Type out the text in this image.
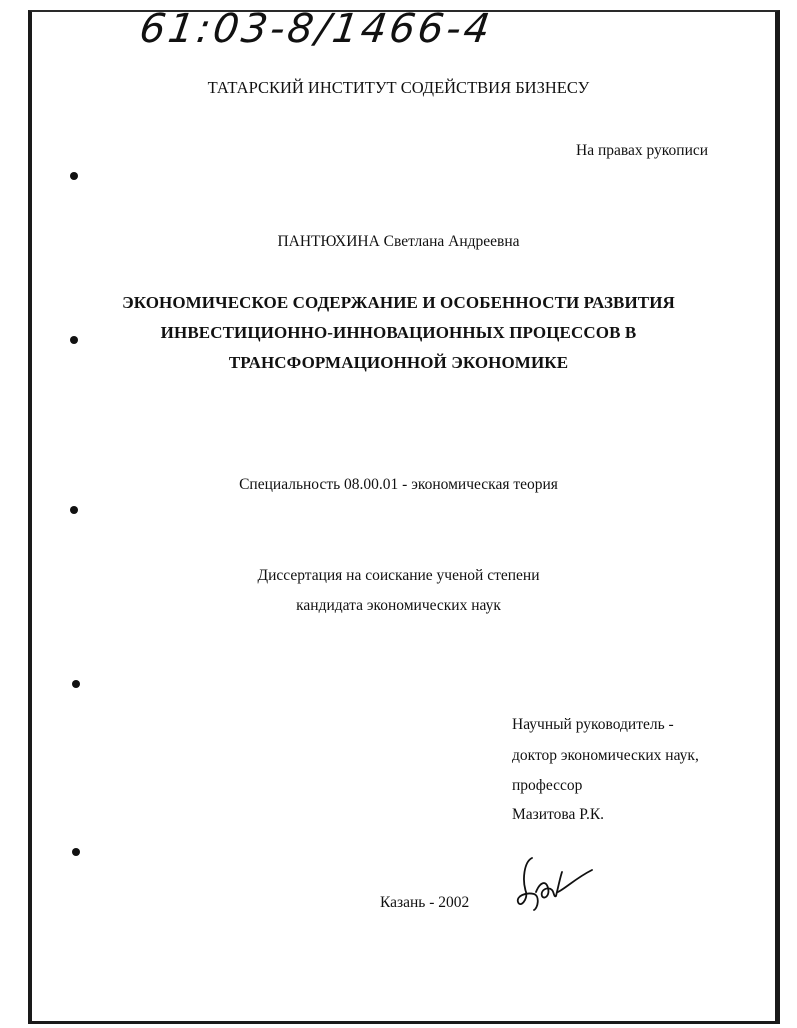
61:03-8/1466-4
ТАТАРСКИЙ ИНСТИТУТ СОДЕЙСТВИЯ БИЗНЕСУ
На правах рукописи
ПАНТЮХИНА Светлана Андреевна
ЭКОНОМИЧЕСКОЕ СОДЕРЖАНИЕ И ОСОБЕННОСТИ РАЗВИТИЯ
ИНВЕСТИЦИОННО-ИННОВАЦИОННЫХ ПРОЦЕССОВ В
ТРАНСФОРМАЦИОННОЙ ЭКОНОМИКЕ
Специальность 08.00.01 - экономическая теория
Диссертация на соискание ученой степени
кандидата экономических наук
Научный руководитель -
доктор экономических наук,
профессор
Мазитова Р.К.
Казань - 2002
